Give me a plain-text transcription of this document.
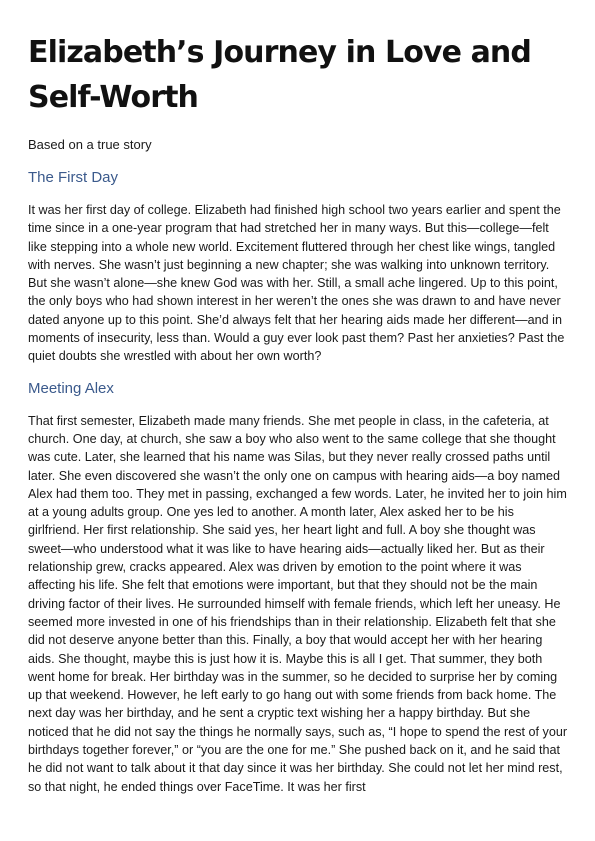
Elizabeth’s Journey in Love and Self-Worth

Based on a true story

The First Day

It was her first day of college. Elizabeth had finished high school two years earlier and spent the time since in a one-year program that had stretched her in many ways. But this—college—felt like stepping into a whole new world. Excitement fluttered through her chest like wings, tangled with nerves. She wasn’t just beginning a new chapter; she was walking into unknown territory. But she wasn’t alone—she knew God was with her. Still, a small ache lingered. Up to this point, the only boys who had shown interest in her weren’t the ones she was drawn to and have never dated anyone up to this point. She’d always felt that her hearing aids made her different—and in moments of insecurity, less than. Would a guy ever look past them? Past her anxieties? Past the quiet doubts she wrestled with about her own worth?

Meeting Alex

That first semester, Elizabeth made many friends. She met people in class, in the cafeteria, at church. One day, at church, she saw a boy who also went to the same college that she thought was cute. Later, she learned that his name was Silas, but they never really crossed paths until later. She even discovered she wasn’t the only one on campus with hearing aids—a boy named Alex had them too. They met in passing, exchanged a few words. Later, he invited her to join him at a young adults group. One yes led to another. A month later, Alex asked her to be his girlfriend. Her first relationship. She said yes, her heart light and full. A boy she thought was sweet—who understood what it was like to have hearing aids—actually liked her. But as their relationship grew, cracks appeared. Alex was driven by emotion to the point where it was affecting his life. She felt that emotions were important, but that they should not be the main driving factor of their lives. He surrounded himself with female friends, which left her uneasy. He seemed more invested in one of his friendships than in their relationship. Elizabeth felt that she did not deserve anyone better than this. Finally, a boy that would accept her with her hearing aids. She thought, maybe this is just how it is. Maybe this is all I get. That summer, they both went home for break. Her birthday was in the summer, so he decided to surprise her by coming up that weekend. However, he left early to go hang out with some friends from back home. The next day was her birthday, and he sent a cryptic text wishing her a happy birthday. But she noticed that he did not say the things he normally says, such as, “I hope to spend the rest of your birthdays together forever,” or “you are the one for me.” She pushed back on it, and he said that he did not want to talk about it that day since it was her birthday. She could not let her mind rest, so that night, he ended things over FaceTime. It was her first
